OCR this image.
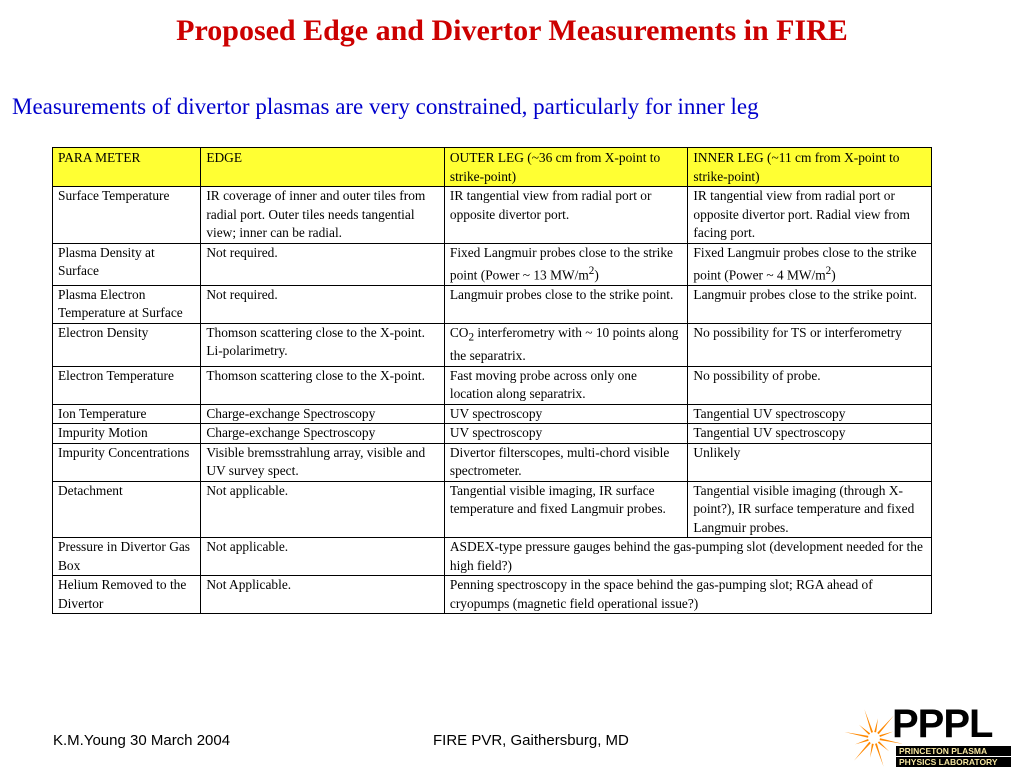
Proposed Edge and Divertor Measurements in FIRE
Measurements of divertor plasmas are very constrained, particularly for inner leg
PARA METER	EDGE	OUTER LEG (~36 cm from X-point to strike-point)	INNER LEG (~11 cm from X-point to strike-point)
Surface Temperature	IR coverage of inner and outer tiles from radial port. Outer tiles needs tangential view; inner can be radial.	IR tangential view from radial port or opposite divertor port.	IR tangential view from radial port or opposite divertor port. Radial view from facing port.
Plasma Density at Surface	Not required.	Fixed Langmuir probes close to the strike point (Power ~ 13 $MW/m^2$)	Fixed Langmuir probes close to the strike point (Power ~ 4 $MW/m^2$)
Plasma Electron Temperature at Surface	Not required.	Langmuir probes close to the strike point.	Langmuir probes close to the strike point.
Electron Density	Thomson scattering close to the X-point. Li-polarimetry.	$CO_2$ interferometry with ~ 10 points along the separatrix.	No possibility for TS or interferometry
Electron Temperature	Thomson scattering close to the X-point.	Fast moving probe across only one location along separatrix.	No possibility of probe.
Ion Temperature	Charge-exchange Spectroscopy	UV spectroscopy	Tangential UV spectroscopy
Impurity Motion	Charge-exchange Spectroscopy	UV spectroscopy	Tangential UV spectroscopy
Impurity Concentrations	Visible bremsstrahlung array, visible and UV survey spect.	Divertor filterscopes, multi-chord visible spectrometer.	Unlikely
Detachment	Not applicable.	Tangential visible imaging, IR surface temperature and fixed Langmuir probes.	Tangential visible imaging (through X-point?), IR surface temperature and fixed Langmuir probes.
Pressure in Divertor Gas Box	Not applicable.	ASDEX-type pressure gauges behind the gas-pumping slot (development needed for the high field?)	
Helium Removed to the Divertor	Not Applicable.	Penning spectroscopy in the space behind the gas-pumping slot; RGA ahead of cryopumps (magnetic field operational issue?)	
K.M.Young 30 March 2004	FIRE PVR, Gaithersburg, MD	PPPL
PRINCETON PLASMA
PHYSICS LABORATORY
